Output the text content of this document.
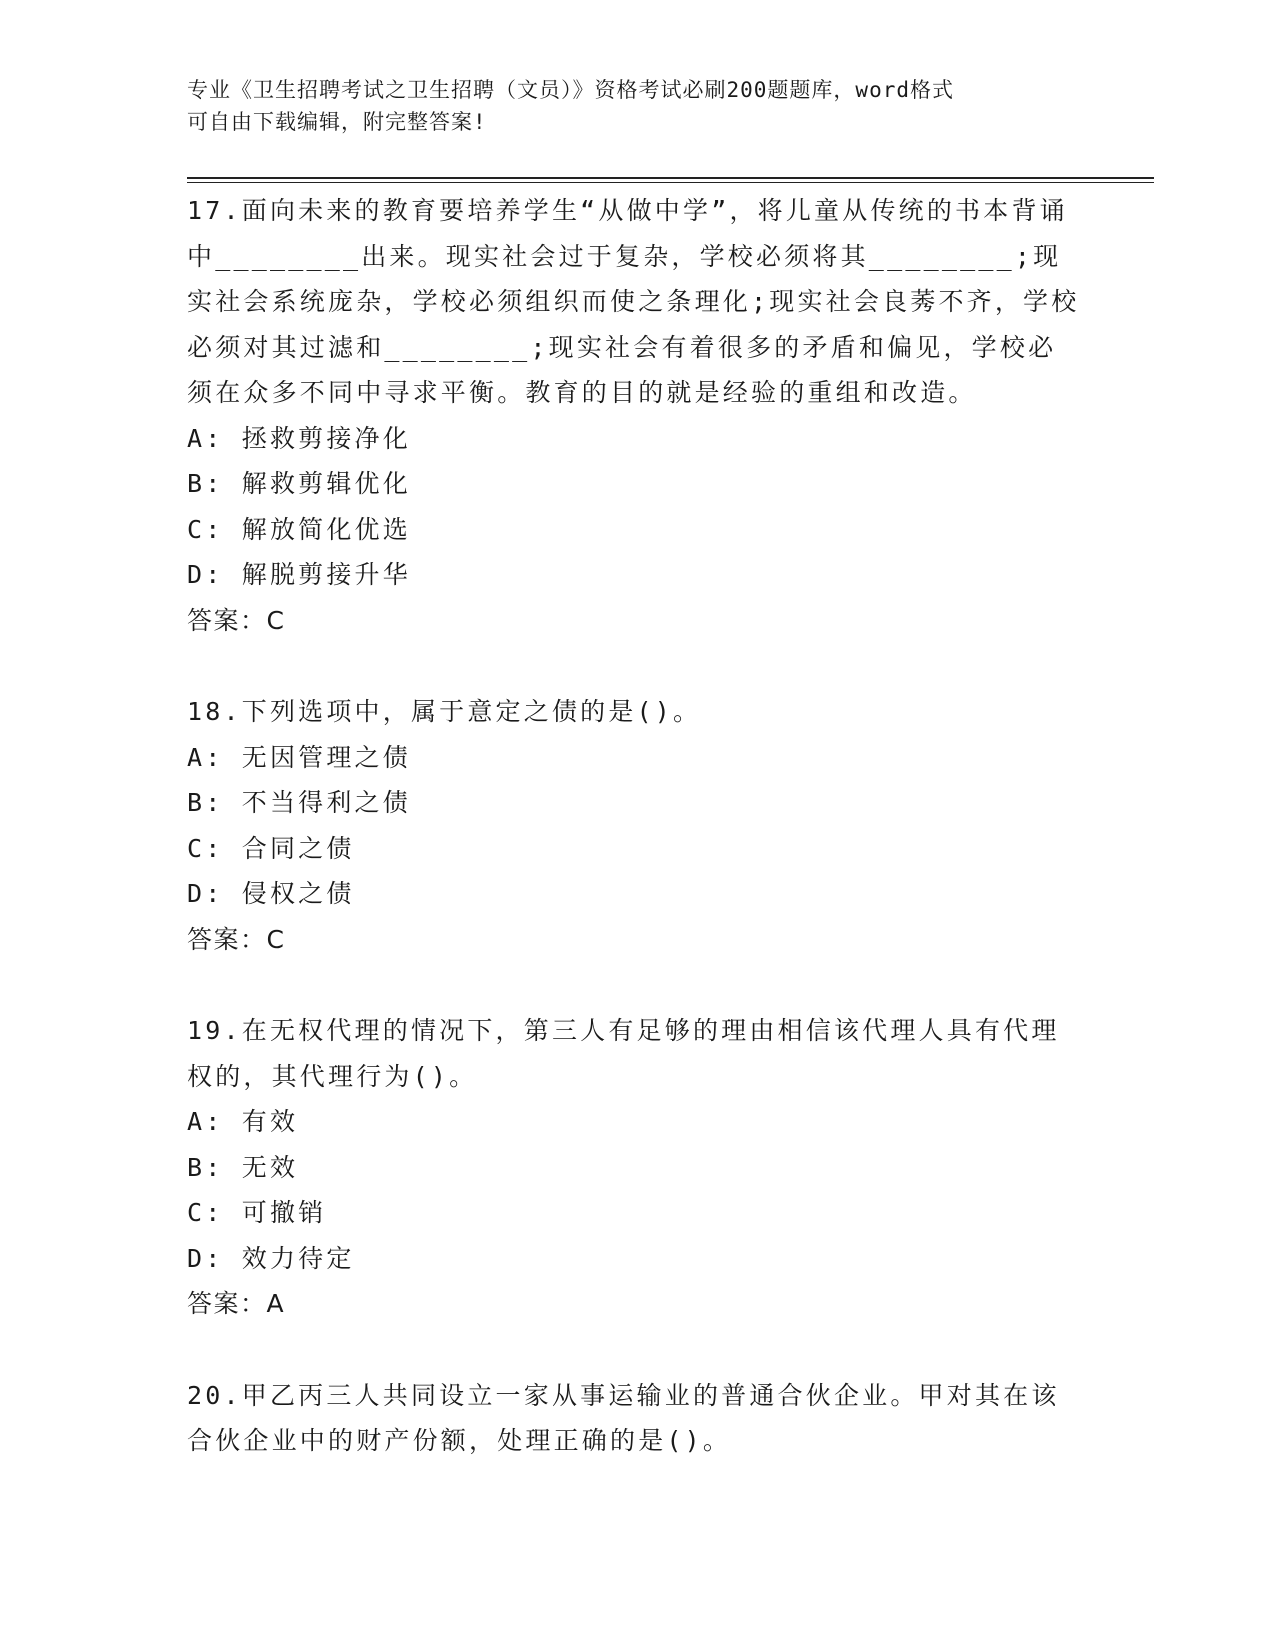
专业《卫生招聘考试之卫生招聘（文员）》资格考试必刷200题题库，word格式
可自由下载编辑，附完整答案!
17.面向未来的教育要培养学生“从做中学”，将儿童从传统的书本背诵中________出来。现实社会过于复杂，学校必须将其________;现实社会系统庞杂，学校必须组织而使之条理化;现实社会良莠不齐，学校必须对其过滤和________;现实社会有着很多的矛盾和偏见，学校必须在众多不同中寻求平衡。教育的目的就是经验的重组和改造。
A: 拯救剪接净化
B: 解救剪辑优化
C: 解放简化优选
D: 解脱剪接升华
答案：C
18.下列选项中，属于意定之债的是()。
A: 无因管理之债
B: 不当得利之债
C: 合同之债
D: 侵权之债
答案：C
19.在无权代理的情况下，第三人有足够的理由相信该代理人具有代理权的，其代理行为()。
A: 有效
B: 无效
C: 可撤销
D: 效力待定
答案：A
20.甲乙丙三人共同设立一家从事运输业的普通合伙企业。甲对其在该合伙企业中的财产份额，处理正确的是()。
